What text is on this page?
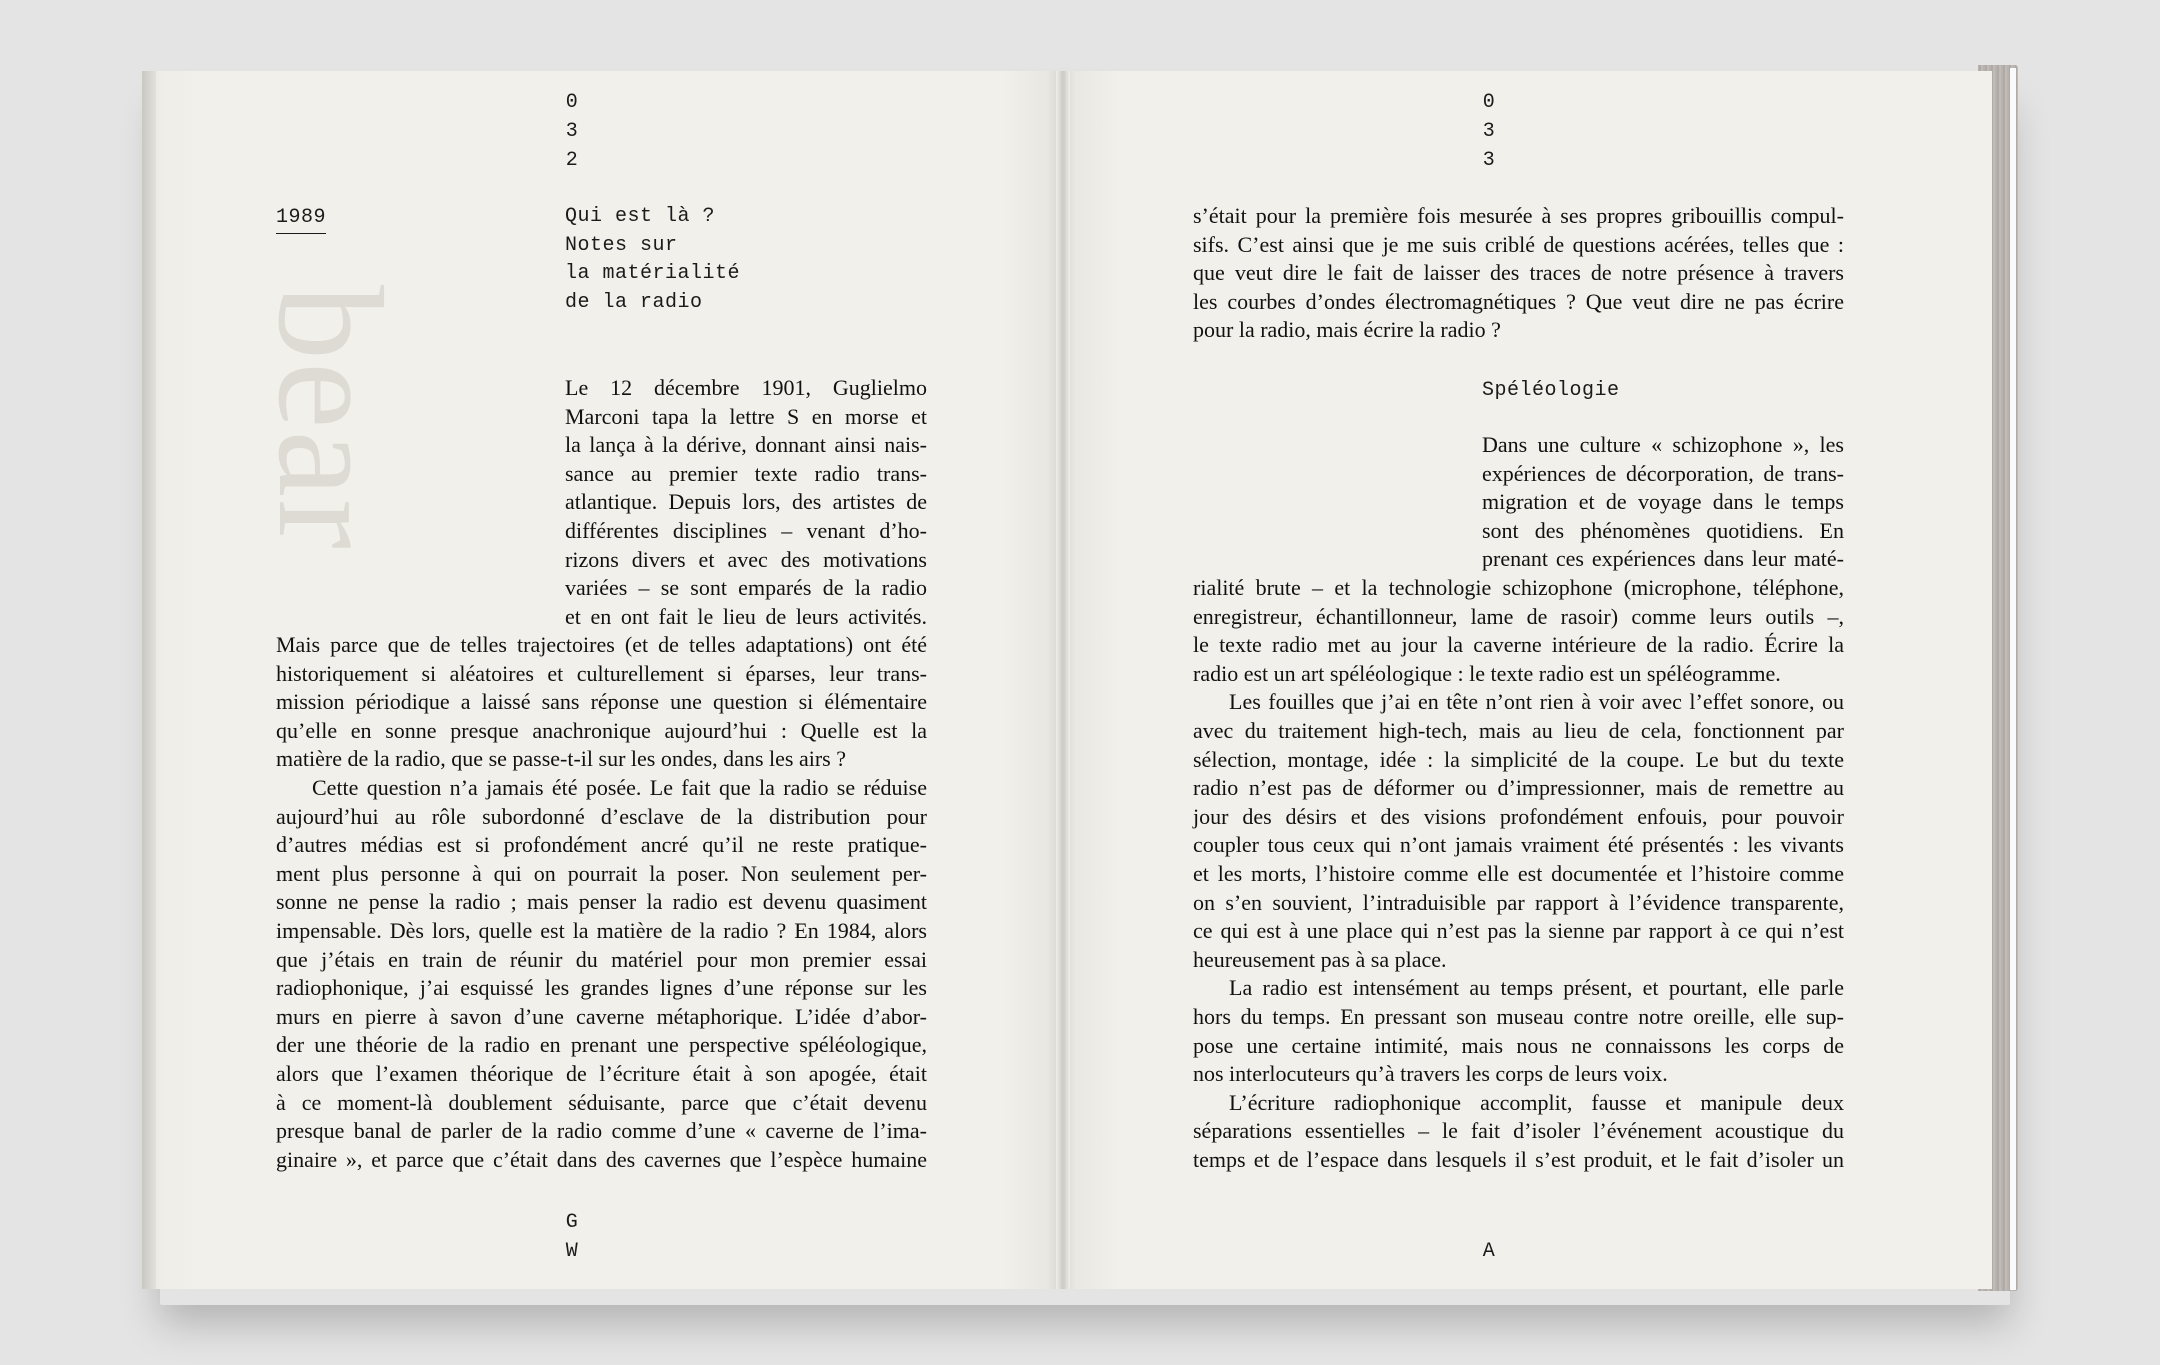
bear
0
3
2
1989	Qui est là ?
Notes sur
la matérialité
de la radio
Le 12 décembre 1901, Guglielmo
Marconi tapa la lettre S en morse et
la lança à la dérive, donnant ainsi nais-
sance au premier texte radio trans-
atlantique. Depuis lors, des artistes de
différentes disciplines – venant d’ho-
rizons divers et avec des motivations
variées – se sont emparés de la radio
et en ont fait le lieu de leurs activités.
Mais parce que de telles trajectoires (et de telles adaptations) ont été
historiquement si aléatoires et culturellement si éparses, leur trans-
mission périodique a laissé sans réponse une question si élémentaire
qu’elle en sonne presque anachronique aujourd’hui : Quelle est la
matière de la radio, que se passe-t-il sur les ondes, dans les airs ?
Cette question n’a jamais été posée. Le fait que la radio se réduise
aujourd’hui au rôle subordonné d’esclave de la distribution pour
d’autres médias est si profondément ancré qu’il ne reste pratique-
ment plus personne à qui on pourrait la poser. Non seulement per-
sonne ne pense la radio ; mais penser la radio est devenu quasiment
impensable. Dès lors, quelle est la matière de la radio ? En 1984, alors
que j’étais en train de réunir du matériel pour mon premier essai
radiophonique, j’ai esquissé les grandes lignes d’une réponse sur les
murs en pierre à savon d’une caverne métaphorique. L’idée d’abor-
der une théorie de la radio en prenant une perspective spéléologique,
alors que l’examen théorique de l’écriture était à son apogée, était
à ce moment-là doublement séduisante, parce que c’était devenu
presque banal de parler de la radio comme d’une « caverne de l’ima-
ginaire », et parce que c’était dans des cavernes que l’espèce humaine
G
W
0
3
3
s’était pour la première fois mesurée à ses propres gribouillis compul-
sifs. C’est ainsi que je me suis criblé de questions acérées, telles que :
que veut dire le fait de laisser des traces de notre présence à travers
les courbes d’ondes électromagnétiques ? Que veut dire ne pas écrire
pour la radio, mais écrire la radio ?
Spéléologie
Dans une culture « schizophone », les
expériences de décorporation, de trans-
migration et de voyage dans le temps
sont des phénomènes quotidiens. En
prenant ces expériences dans leur maté-
rialité brute – et la technologie schizophone (microphone, téléphone,
enregistreur, échantillonneur, lame de rasoir) comme leurs outils –,
le texte radio met au jour la caverne intérieure de la radio. Écrire la
radio est un art spéléologique : le texte radio est un spéléogramme.
Les fouilles que j’ai en tête n’ont rien à voir avec l’effet sonore, ou
avec du traitement high-tech, mais au lieu de cela, fonctionnent par
sélection, montage, idée : la simplicité de la coupe. Le but du texte
radio n’est pas de déformer ou d’impressionner, mais de remettre au
jour des désirs et des visions profondément enfouis, pour pouvoir
coupler tous ceux qui n’ont jamais vraiment été présentés : les vivants
et les morts, l’histoire comme elle est documentée et l’histoire comme
on s’en souvient, l’intraduisible par rapport à l’évidence transparente,
ce qui est à une place qui n’est pas la sienne par rapport à ce qui n’est
heureusement pas à sa place.
La radio est intensément au temps présent, et pourtant, elle parle
hors du temps. En pressant son museau contre notre oreille, elle sup-
pose une certaine intimité, mais nous ne connaissons les corps de
nos interlocuteurs qu’à travers les corps de leurs voix.
L’écriture radiophonique accomplit, fausse et manipule deux
séparations essentielles – le fait d’isoler l’événement acoustique du
temps et de l’espace dans lesquels il s’est produit, et le fait d’isoler un
A
